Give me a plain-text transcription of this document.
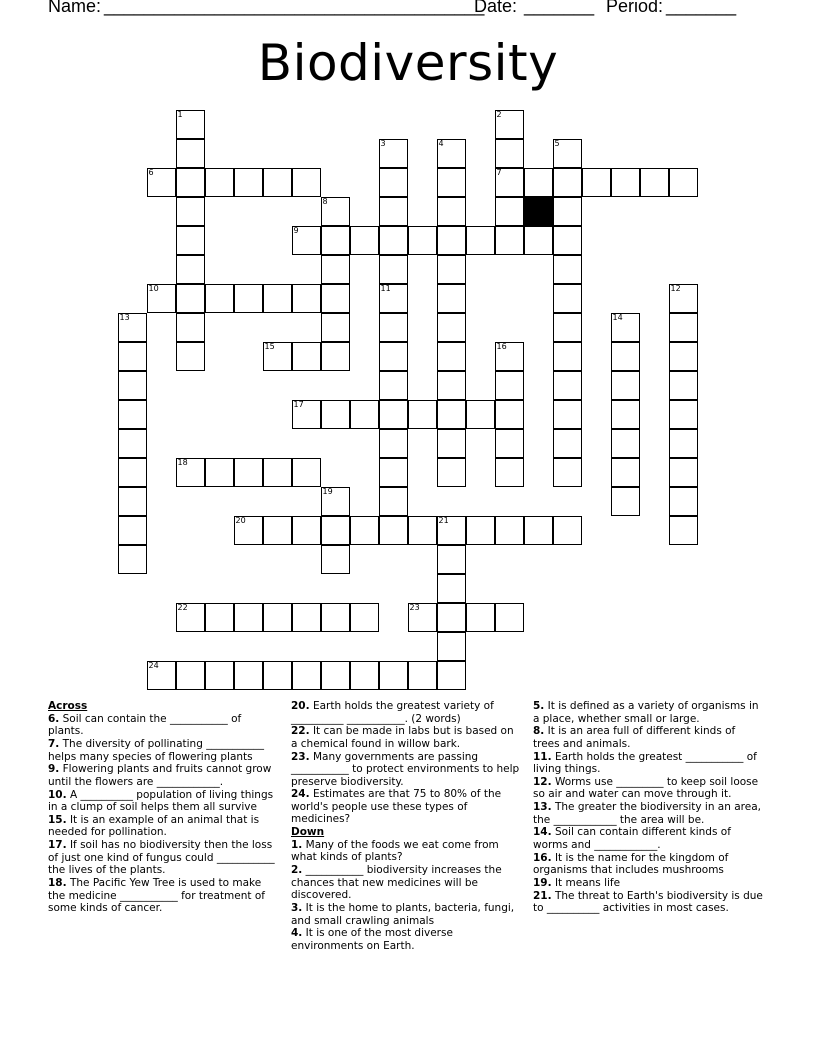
Name: ______________________________________
Date: _______ Period: _______
Biodiversity
1	2
7
3
11
4	5
6
8
9
10	12
13	14
15	16
17
18
19
20	21
22	23
24

Across

6. Soil can contain the ___________ of plants.

7. The diversity of pollinating ___________ helps many species of flowering plants

9. Flowering plants and fruits cannot grow until the flowers are ____________.

10. A __________ population of living things in a clump of soil helps them all survive

15. It is an example of an animal that is needed for pollination.

17. If soil has no biodiversity then the loss of just one kind of fungus could ___________ the lives of the plants.

18. The Pacific Yew Tree is used to make the medicine ___________ for treatment of some kinds of cancer.

20. Earth holds the greatest variety of __________ ___________. (2 words)

22. It can be made in labs but is based on a chemical found in willow bark.

23. Many governments are passing ___________ to protect environments to help preserve biodiversity.

24. Estimates are that 75 to 80% of the world's people use these types of medicines?

Down

1. Many of the foods we eat come from what kinds of plants?

2. ___________ biodiversity increases the chances that new medicines will be discovered.

3. It is the home to plants, bacteria, fungi, and small crawling animals

4. It is one of the most diverse environments on Earth.

5. It is defined as a variety of organisms in a place, whether small or large.

8. It is an area full of different kinds of trees and animals.

11. Earth holds the greatest ___________ of living things.

12. Worms use _________ to keep soil loose so air and water can move through it.

13. The greater the biodiversity in an area, the ____________ the area will be.

14. Soil can contain different kinds of worms and ____________.

16. It is the name for the kingdom of organisms that includes mushrooms

19. It means life

21. The threat to Earth's biodiversity is due to __________ activities in most cases.
